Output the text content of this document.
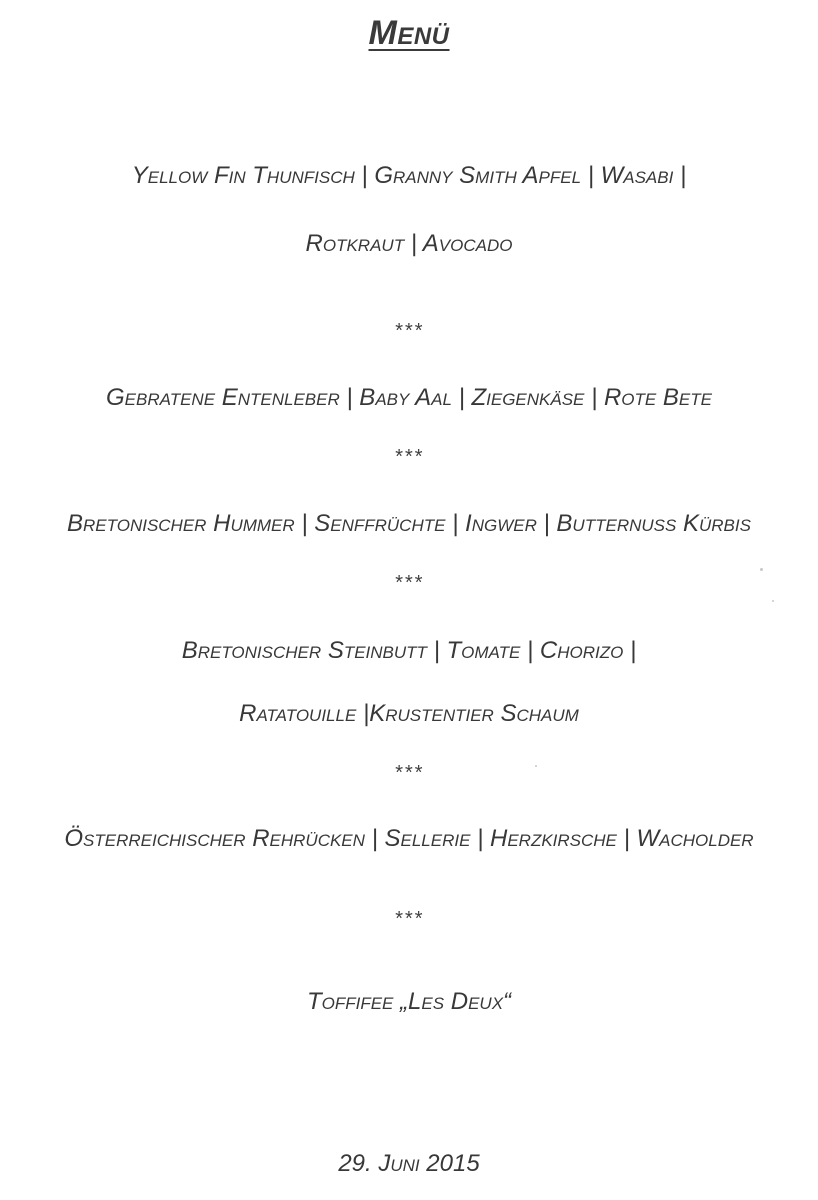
Menü
Yellow Fin Thunfisch | Granny Smith Apfel | Wasabi |
Rotkraut | Avocado
***
Gebratene Entenleber | Baby Aal | Ziegenkäse | Rote Bete
***
Bretonischer Hummer | Senffrüchte | Ingwer | Butternuss Kürbis
***
Bretonischer Steinbutt | Tomate | Chorizo |
Ratatouille |Krustentier Schaum
***
Österreichischer Rehrücken | Sellerie | Herzkirsche | Wacholder
***
Toffifee „Les Deux“
29. Juni 2015
